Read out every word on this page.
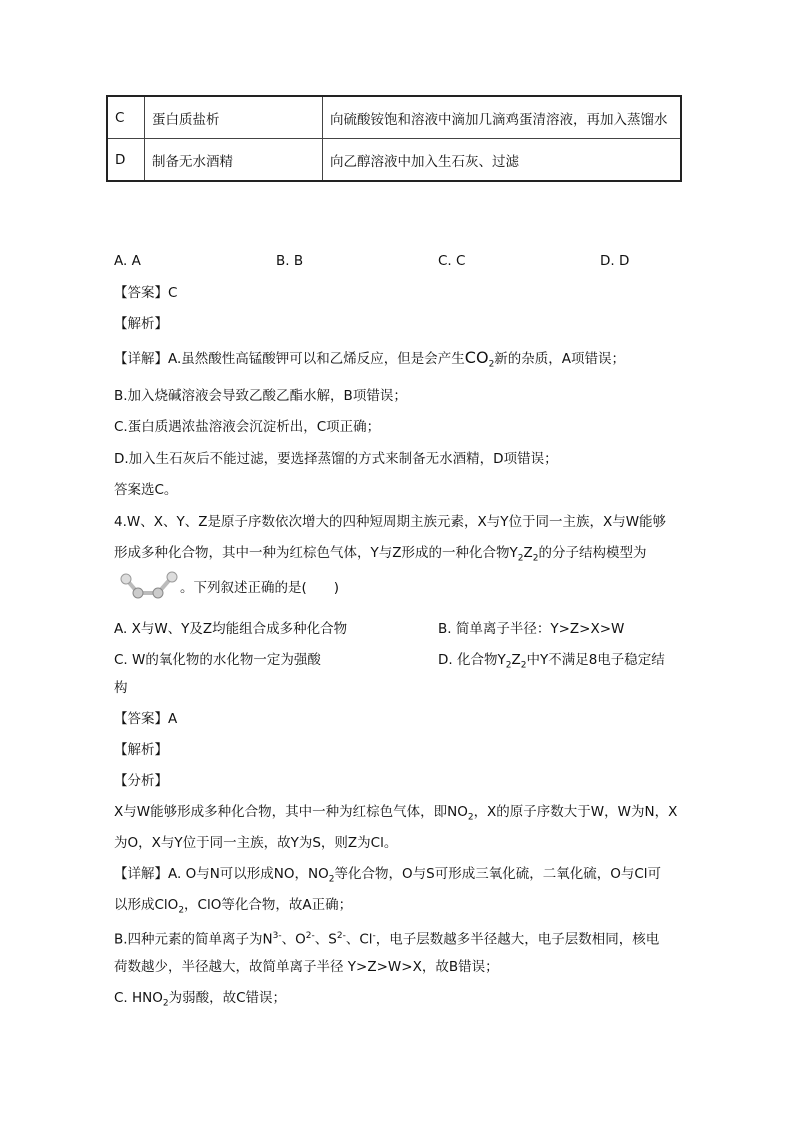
C	蛋白质盐析	向硫酸铵饱和溶液中滴加几滴鸡蛋清溶液，再加入蒸馏水
D	制备无水酒精	向乙醇溶液中加入生石灰、过滤
A. A	B. B	C. C	D. D
【答案】C
【解析】
【详解】A.虽然酸性高锰酸钾可以和乙烯反应，但是会产生$CO_2$新的杂质，A项错误；
B.加入烧碱溶液会导致乙酸乙酯水解，B项错误；
C.蛋白质遇浓盐溶液会沉淀析出，C项正确；
D.加入生石灰后不能过滤，要选择蒸馏的方式来制备无水酒精，D项错误；
答案选C。
4.W、X、Y、Z是原子序数依次增大的四种短周期主族元素，X与Y位于同一主族，X与W能够
形成多种化合物，其中一种为红棕色气体，Y与Z形成的一种化合物$Y_2Z_2$的分子结构模型为
。下列叙述正确的是(　　)
A. X与W、Y及Z均能组合成多种化合物	B. 简单离子半径：Y>Z>X>W
C. W的氧化物的水化物一定为强酸	D. 化合物$Y_2Z_2$中Y不满足8电子稳定结
构
【答案】A
【解析】
【分析】
X与W能够形成多种化合物，其中一种为红棕色气体，即$NO_2$，X的原子序数大于W，W为N，X
为O，X与Y位于同一主族，故Y为S，则Z为Cl。
【详解】A. O与N可以形成NO，$NO_2$等化合物，O与S可形成三氧化硫，二氧化硫，O与Cl可
以形成ClO$_2$，ClO等化合物，故A正确；
B.四种元素的简单离子为$N^{3-}$、$O^{2-}$、$S^{2-}$、Cl-，电子层数越多半径越大，电子层数相同，核电
荷数越少，半径越大，故简单离子半径 Y>Z>W>X，故B错误；
C. $HNO_2$为弱酸，故C错误；
